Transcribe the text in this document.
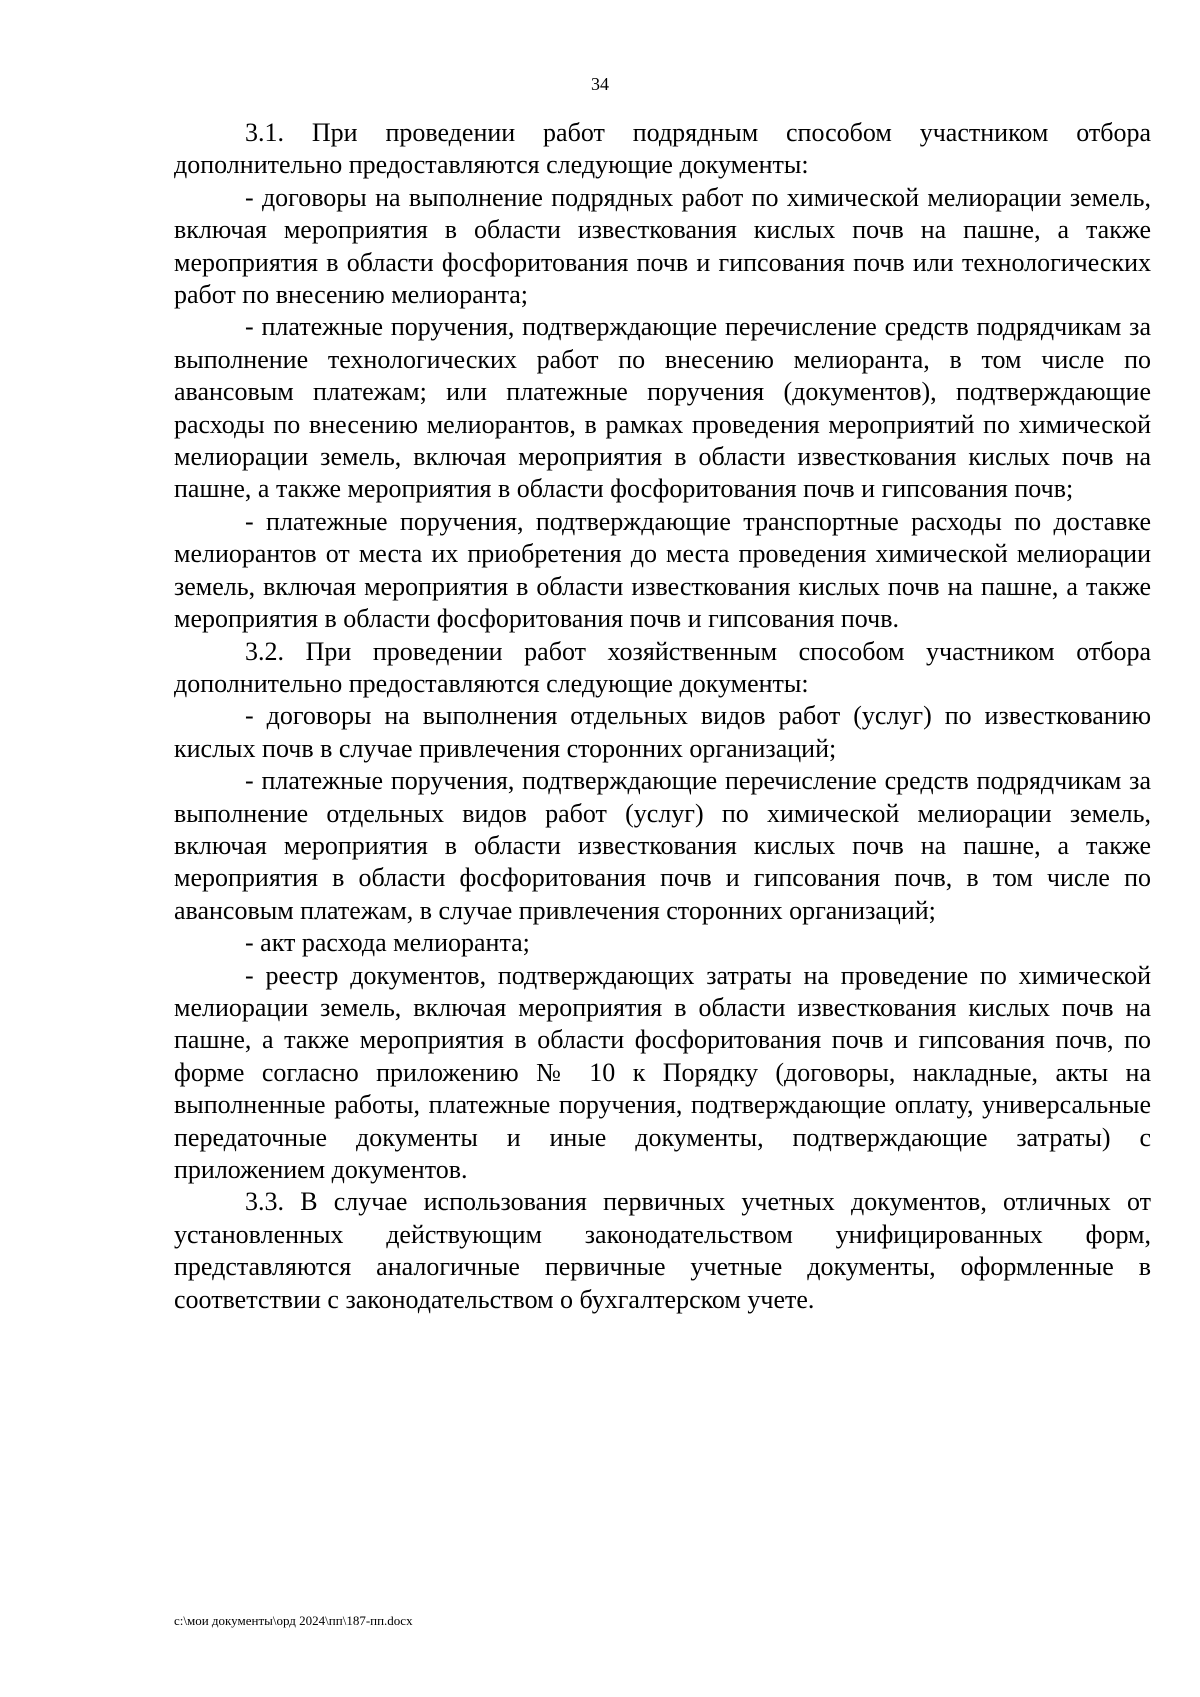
34

3.1. При проведении работ подрядным способом участником отбора дополнительно предоставляются следующие документы:

- договоры на выполнение подрядных работ по химической мелиорации земель, включая мероприятия в области известкования кислых почв на пашне, а также мероприятия в области фосфоритования почв и гипсования почв или технологических работ по внесению мелиоранта;

- платежные поручения, подтверждающие перечисление средств подрядчикам за выполнение технологических работ по внесению мелиоранта, в том числе по авансовым платежам; или платежные поручения (документов), подтверждающие расходы по внесению мелиорантов, в рамках проведения мероприятий по химической мелиорации земель, включая мероприятия в области известкования кислых почв на пашне, а также мероприятия в области фосфоритования почв и гипсования почв;

- платежные поручения, подтверждающие транспортные расходы по доставке мелиорантов от места их приобретения до места проведения химической мелиорации земель, включая мероприятия в области известкования кислых почв на пашне, а также мероприятия в области фосфоритования почв и гипсования почв.

3.2. При проведении работ хозяйственным способом участником отбора дополнительно предоставляются следующие документы:

- договоры на выполнения отдельных видов работ (услуг) по известкованию кислых почв в случае привлечения сторонних организаций;

- платежные поручения, подтверждающие перечисление средств подрядчикам за выполнение отдельных видов работ (услуг) по химической мелиорации земель, включая мероприятия в области известкования кислых почв на пашне, а также мероприятия в области фосфоритования почв и гипсования почв, в том числе по авансовым платежам, в случае привлечения сторонних организаций;

- акт расхода мелиоранта;

- реестр документов, подтверждающих затраты на проведение по химической мелиорации земель, включая мероприятия в области известкования кислых почв на пашне, а также мероприятия в области фосфоритования почв и гипсования почв, по форме согласно приложению № 10 к Порядку (договоры, накладные, акты на выполненные работы, платежные поручения, подтверждающие оплату, универсальные передаточные документы и иные документы, подтверждающие затраты) с приложением документов.

3.3. В случае использования первичных учетных документов, отличных от установленных действующим законодательством унифицированных форм, представляются аналогичные первичные учетные документы, оформленные в соответствии с законодательством о бухгалтерском учете.

c:\мои документы\орд 2024\пп\187-пп.docx
